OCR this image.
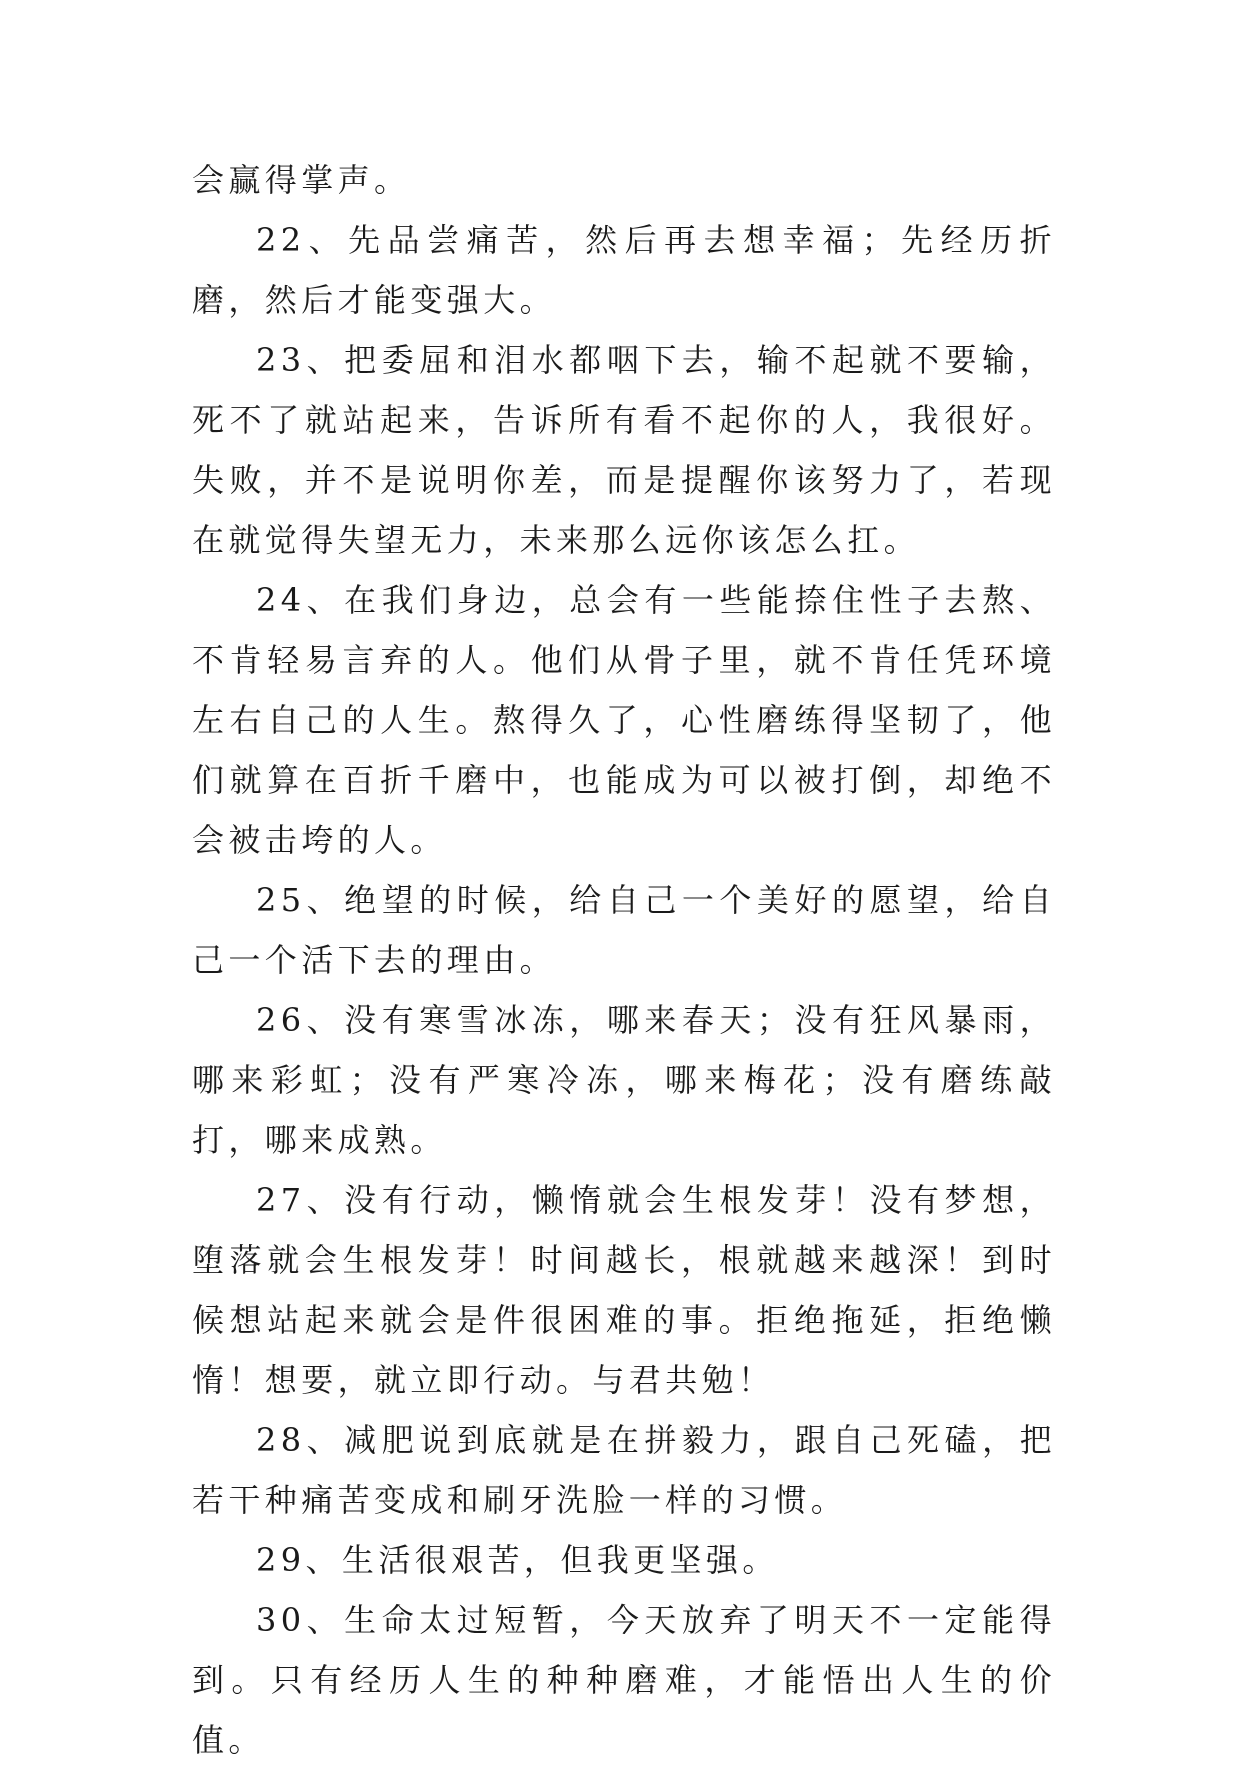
会赢得掌声。

22、先品尝痛苦，然后再去想幸福；先经历折磨，然后才能变强大。

23、把委屈和泪水都咽下去，输不起就不要输，死不了就站起来，告诉所有看不起你的人，我很好。失败，并不是说明你差，而是提醒你该努力了，若现在就觉得失望无力，未来那么远你该怎么扛。

24、在我们身边，总会有一些能捺住性子去熬、不肯轻易言弃的人。他们从骨子里，就不肯任凭环境左右自己的人生。熬得久了，心性磨练得坚韧了，他们就算在百折千磨中，也能成为可以被打倒，却绝不会被击垮的人。

25、绝望的时候，给自己一个美好的愿望，给自己一个活下去的理由。

26、没有寒雪冰冻，哪来春天；没有狂风暴雨，哪来彩虹；没有严寒冷冻，哪来梅花；没有磨练敲打，哪来成熟。

27、没有行动，懒惰就会生根发芽！没有梦想，堕落就会生根发芽！时间越长，根就越来越深！到时候想站起来就会是件很困难的事。拒绝拖延，拒绝懒惰！想要，就立即行动。与君共勉！

28、减肥说到底就是在拼毅力，跟自己死磕，把若干种痛苦变成和刷牙洗脸一样的习惯。

29、生活很艰苦，但我更坚强。

30、生命太过短暂，今天放弃了明天不一定能得到。只有经历人生的种种磨难，才能悟出人生的价值。
